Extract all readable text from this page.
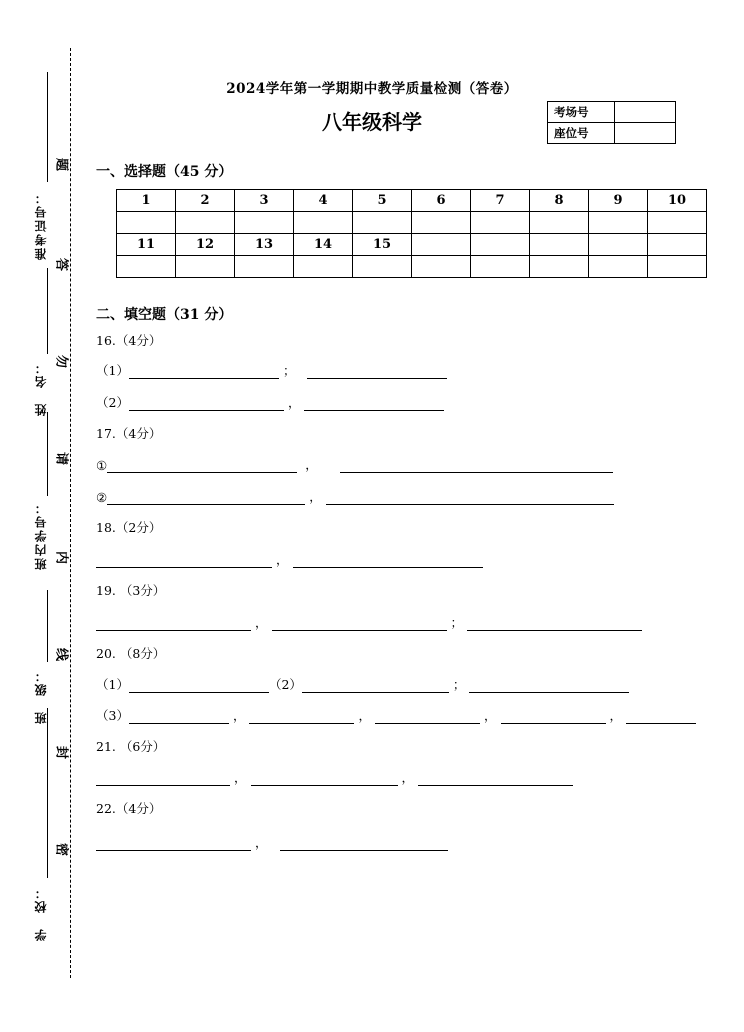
题
答
勿
请
内
线
封
密
准考证号：
姓　名：
班内学号：
班　级：
学　校：
2024学年第一学期期中教学质量检测（答卷）
八年级科学	考场号	
座位号	
一、选择题（45 分）
1	2	3	4	5	6	7	8	9	10

11	12	13	14	15					

二、填空题（31 分）
16.（4分）
（1）	；
（2）	，
17.（4分）
①	，
②	，
18.（2分）
，
19. （3分）
，	；
20. （8分）
（1）	（2）	；
（3）	，	，	，	，
21. （6分）
，	，
22.（4分）
，
